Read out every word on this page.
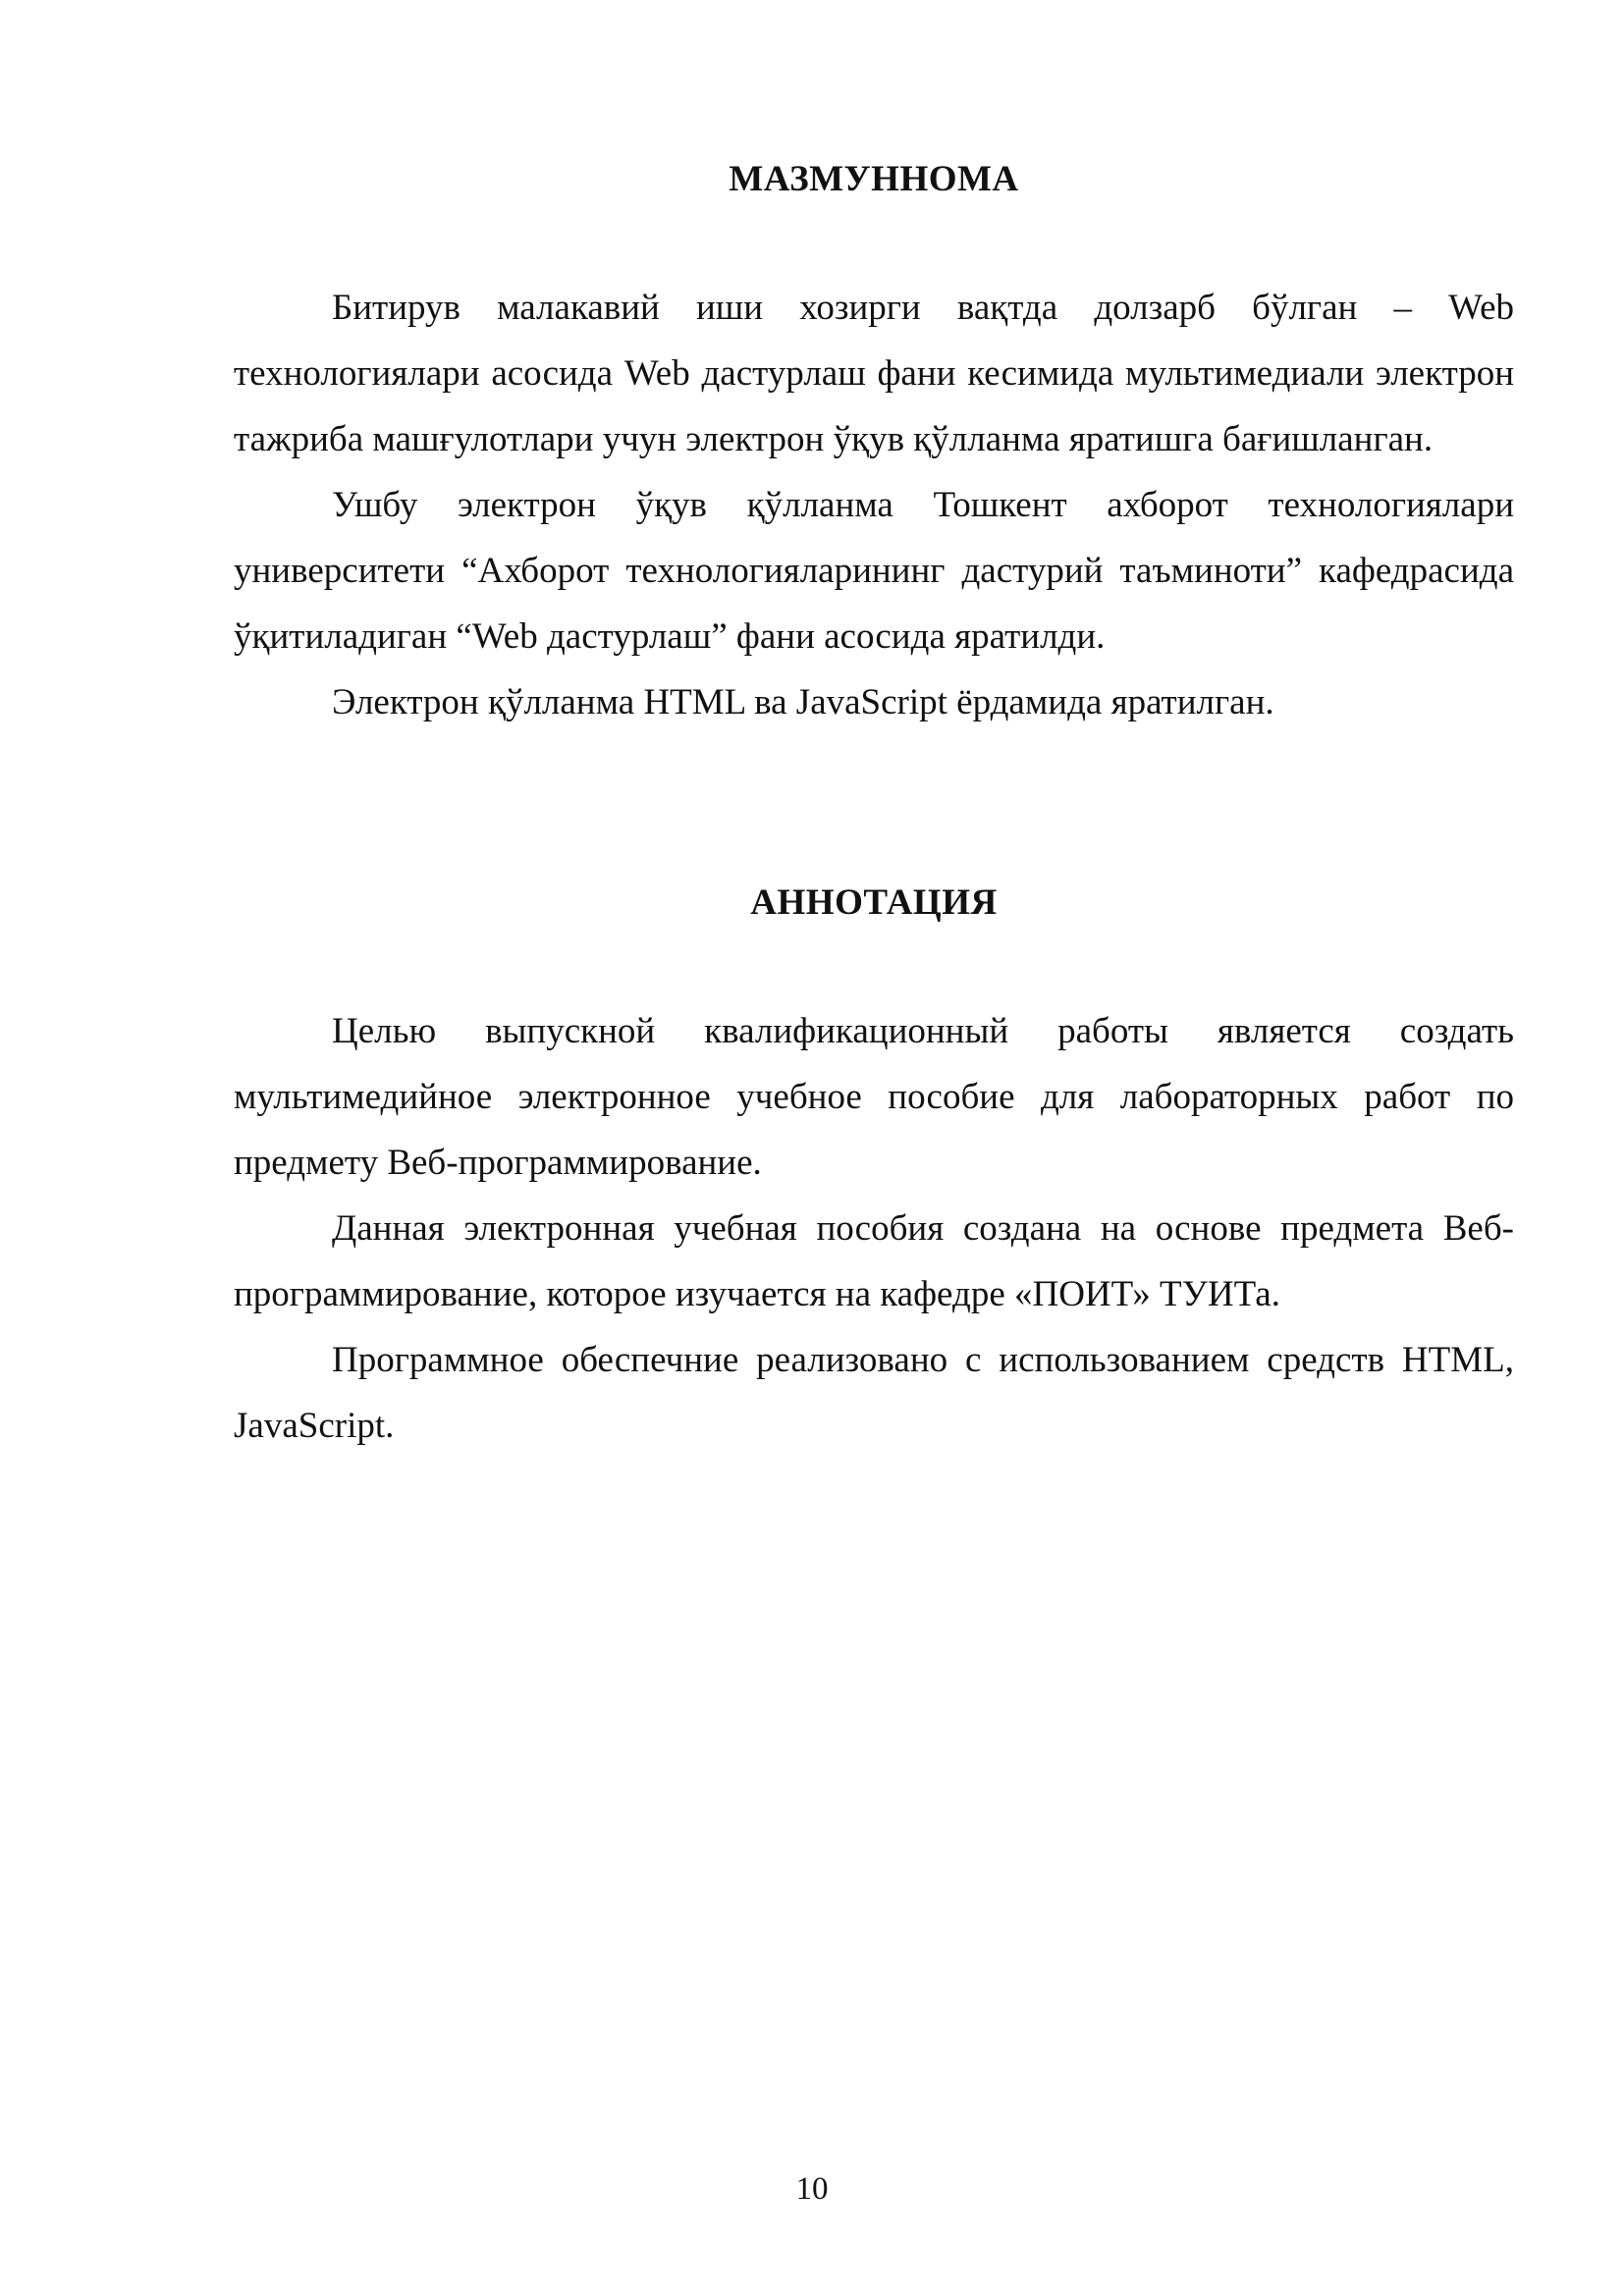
МАЗМУННОМА

Битирув малакавий иши хозирги вақтда долзарб бўлган – Web технологиялари асосида Web дастурлаш фани кесимида мультимедиали электрон тажриба машғулотлари учун электрон ўқув қўлланма яратишга бағишланган.

Ушбу электрон ўқув қўлланма Тошкент ахборот технологиялари университети “Ахборот технологияларининг дастурий таъминоти” кафедрасида ўқитиладиган “Web дастурлаш” фани асосида яратилди.

Электрон қўлланма HTML ва JavaScript ёрдамида яратилган.

АННОТАЦИЯ

Целью выпускной квалификационный работы является создать мультимедийное электронное учебное пособие для лабораторных работ по предмету Веб-программирование.

Данная электронная учебная пособия создана на основе предмета Веб-программирование, которое изучается на кафедре «ПОИТ» ТУИТа.

Программное обеспечние реализовано с использованием средств HTML, JavaScript.

10
